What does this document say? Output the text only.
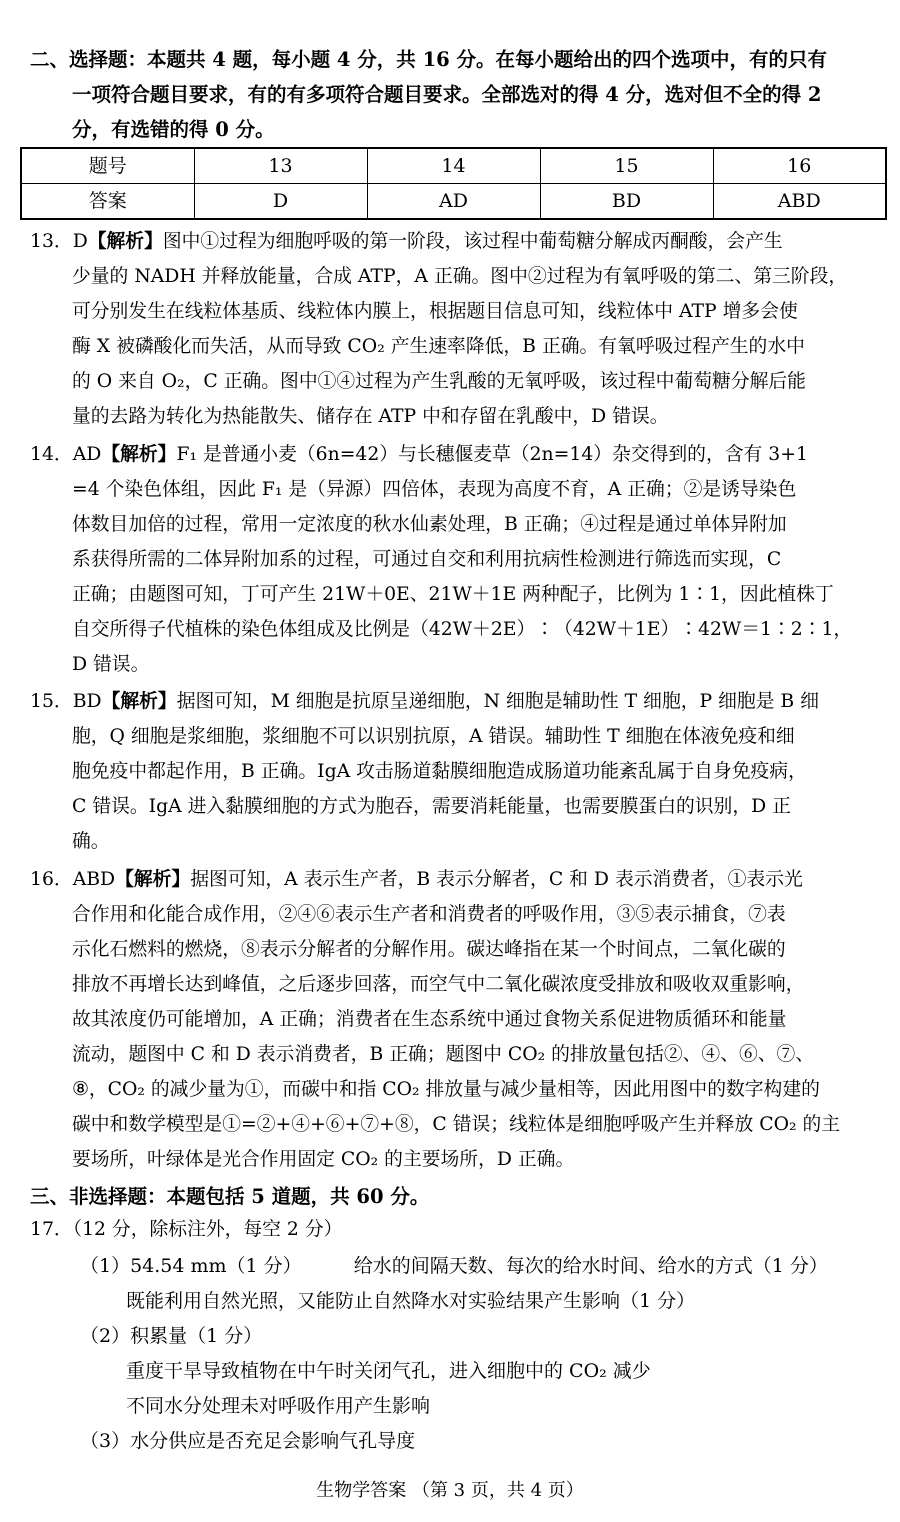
二、选择题：本题共 4 题，每小题 4 分，共 16 分。在每小题给出的四个选项中，有的只有
一项符合题目要求，有的有多项符合题目要求。全部选对的得 4 分，选对但不全的得 2
分，有选错的得 0 分。
题号	13	14	15	16
答案	D	AD	BD	ABD
13．D【解析】图中①过程为细胞呼吸的第一阶段，该过程中葡萄糖分解成丙酮酸，会产生
少量的 NADH 并释放能量，合成 ATP，A 正确。图中②过程为有氧呼吸的第二、第三阶段，
可分别发生在线粒体基质、线粒体内膜上，根据题目信息可知，线粒体中 ATP 增多会使
酶 X 被磷酸化而失活，从而导致 CO₂ 产生速率降低，B 正确。有氧呼吸过程产生的水中
的 O 来自 O₂，C 正确。图中①④过程为产生乳酸的无氧呼吸，该过程中葡萄糖分解后能
量的去路为转化为热能散失、储存在 ATP 中和存留在乳酸中，D 错误。
14．AD【解析】F₁ 是普通小麦（6n=42）与长穗偃麦草（2n=14）杂交得到的，含有 3+1
=4 个染色体组，因此 F₁ 是（异源）四倍体，表现为高度不育，A 正确；②是诱导染色
体数目加倍的过程，常用一定浓度的秋水仙素处理，B 正确；④过程是通过单体异附加
系获得所需的二体异附加系的过程，可通过自交和利用抗病性检测进行筛选而实现，C
正确；由题图可知，丁可产生 21W＋0E、21W＋1E 两种配子，比例为 1∶1，因此植株丁
自交所得子代植株的染色体组成及比例是（42W＋2E）∶（42W＋1E）∶42W＝1∶2∶1，
D 错误。
15．BD【解析】据图可知，M 细胞是抗原呈递细胞，N 细胞是辅助性 T 细胞，P 细胞是 B 细
胞，Q 细胞是浆细胞，浆细胞不可以识别抗原，A 错误。辅助性 T 细胞在体液免疫和细
胞免疫中都起作用，B 正确。IgA 攻击肠道黏膜细胞造成肠道功能紊乱属于自身免疫病，
C 错误。IgA 进入黏膜细胞的方式为胞吞，需要消耗能量，也需要膜蛋白的识别，D 正
确。
16．ABD【解析】据图可知，A 表示生产者，B 表示分解者，C 和 D 表示消费者，①表示光
合作用和化能合成作用，②④⑥表示生产者和消费者的呼吸作用，③⑤表示捕食，⑦表
示化石燃料的燃烧，⑧表示分解者的分解作用。碳达峰指在某一个时间点，二氧化碳的
排放不再增长达到峰值，之后逐步回落，而空气中二氧化碳浓度受排放和吸收双重影响，
故其浓度仍可能增加，A 正确；消费者在生态系统中通过食物关系促进物质循环和能量
流动，题图中 C 和 D 表示消费者，B 正确；题图中 CO₂ 的排放量包括②、④、⑥、⑦、
⑧，CO₂ 的减少量为①，而碳中和指 CO₂ 排放量与减少量相等，因此用图中的数字构建的
碳中和数学模型是①=②+④+⑥+⑦+⑧，C 错误；线粒体是细胞呼吸产生并释放 CO₂ 的主
要场所，叶绿体是光合作用固定 CO₂ 的主要场所，D 正确。
三、非选择题：本题包括 5 道题，共 60 分。
17．（12 分，除标注外，每空 2 分）
（1）54.54 mm（1 分）	给水的间隔天数、每次的给水时间、给水的方式（1 分）
既能利用自然光照，又能防止自然降水对实验结果产生影响（1 分）
（2）积累量（1 分）
重度干旱导致植物在中午时关闭气孔，进入细胞中的 CO₂ 减少
不同水分处理未对呼吸作用产生影响
（3）水分供应是否充足会影响气孔导度
生物学答案 （第 3 页，共 4 页）
